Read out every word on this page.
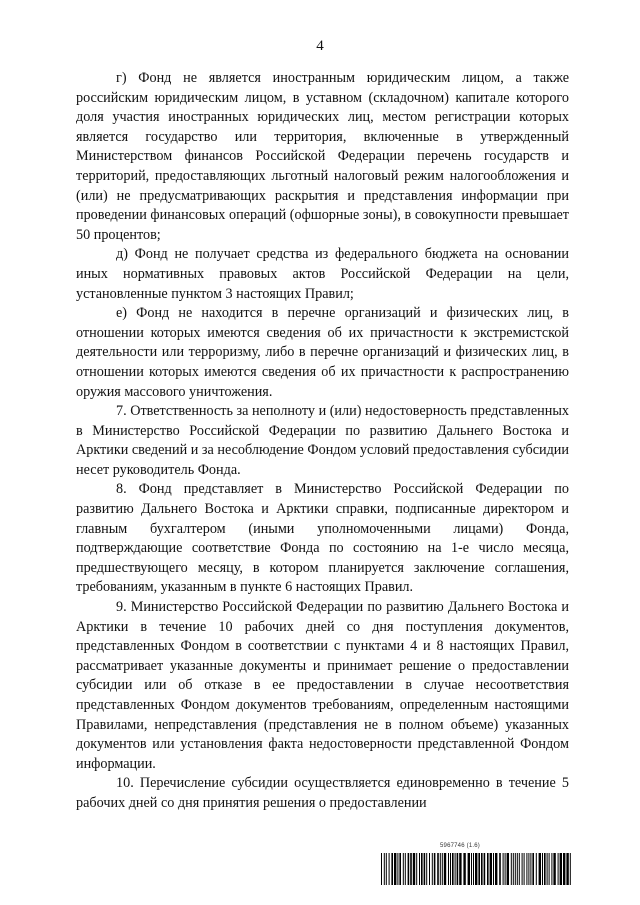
4

г) Фонд не является иностранным юридическим лицом, а также российским юридическим лицом, в уставном (складочном) капитале которого доля участия иностранных юридических лиц, местом регистрации которых является государство или территория, включенные в утвержденный Министерством финансов Российской Федерации перечень государств и территорий, предоставляющих льготный налоговый режим налогообложения и (или) не предусматривающих раскрытия и представления информации при проведении финансовых операций (офшорные зоны), в совокупности превышает 50 процентов;

д) Фонд не получает средства из федерального бюджета на основании иных нормативных правовых актов Российской Федерации на цели, установленные пунктом 3 настоящих Правил;

е) Фонд не находится в перечне организаций и физических лиц, в отношении которых имеются сведения об их причастности к экстремистской деятельности или терроризму, либо в перечне организаций и физических лиц, в отношении которых имеются сведения об их причастности к распространению оружия массового уничтожения.

7. Ответственность за неполноту и (или) недостоверность представленных в Министерство Российской Федерации по развитию Дальнего Востока и Арктики сведений и за несоблюдение Фондом условий предоставления субсидии несет руководитель Фонда.

8. Фонд представляет в Министерство Российской Федерации по развитию Дальнего Востока и Арктики справки, подписанные директором и главным бухгалтером (иными уполномоченными лицами) Фонда, подтверждающие соответствие Фонда по состоянию на 1-е число месяца, предшествующего месяцу, в котором планируется заключение соглашения, требованиям, указанным в пункте 6 настоящих Правил.

9. Министерство Российской Федерации по развитию Дальнего Востока и Арктики в течение 10 рабочих дней со дня поступления документов, представленных Фондом в соответствии с пунктами 4 и 8 настоящих Правил, рассматривает указанные документы и принимает решение о предоставлении субсидии или об отказе в ее предоставлении в случае несоответствия представленных Фондом документов требованиям, определенным настоящими Правилами, непредставления (представления не в полном объеме) указанных документов или установления факта недостоверности представленной Фондом информации.

10. Перечисление субсидии осуществляется единовременно в течение 5 рабочих дней со дня принятия решения о предоставлении

5967746 (1.6)
